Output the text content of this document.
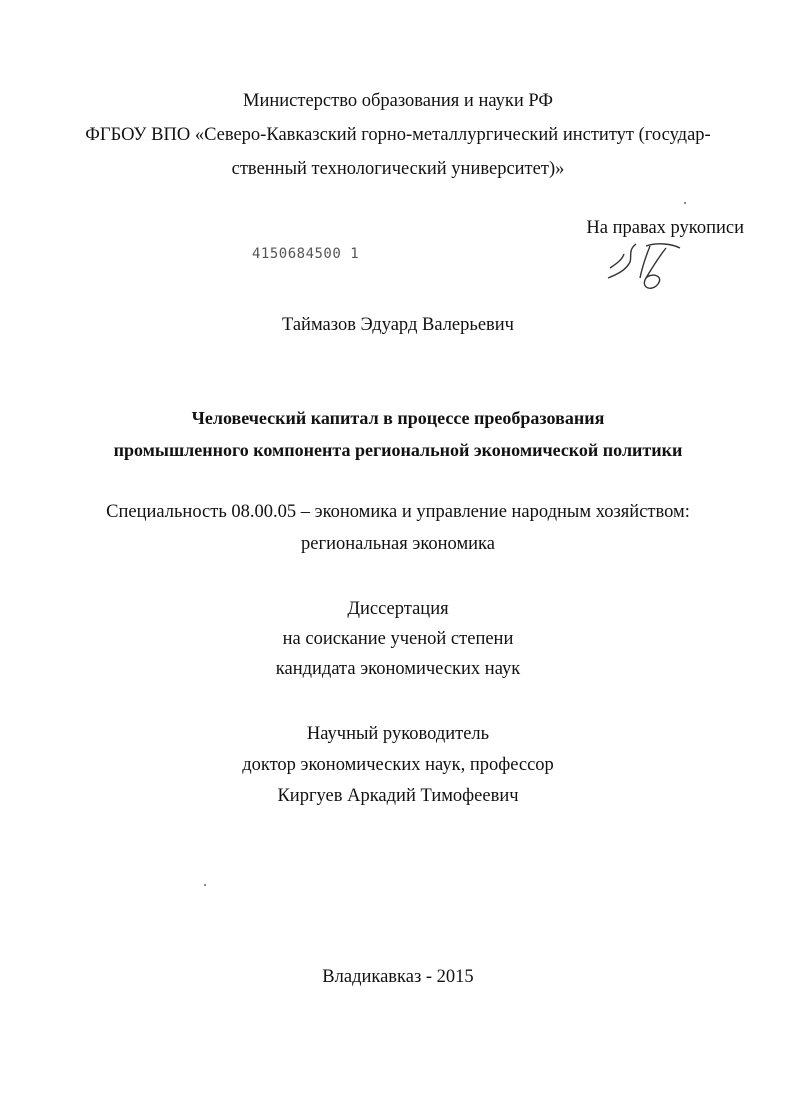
Министерство образования и науки РФ
ФГБОУ ВПО «Северо-Кавказский горно-металлургический институт (государ-
ственный технологический университет)»
На правах рукописи
4150684500 1
Таймазов Эдуард Валерьевич
Человеческий капитал в процессе преобразования
промышленного компонента региональной экономической политики
Специальность 08.00.05 – экономика и управление народным хозяйством:
региональная экономика
Диссертация
на соискание ученой степени
кандидата экономических наук
Научный руководитель
доктор экономических наук, профессор
Киргуев Аркадий Тимофеевич
Владикавказ - 2015
